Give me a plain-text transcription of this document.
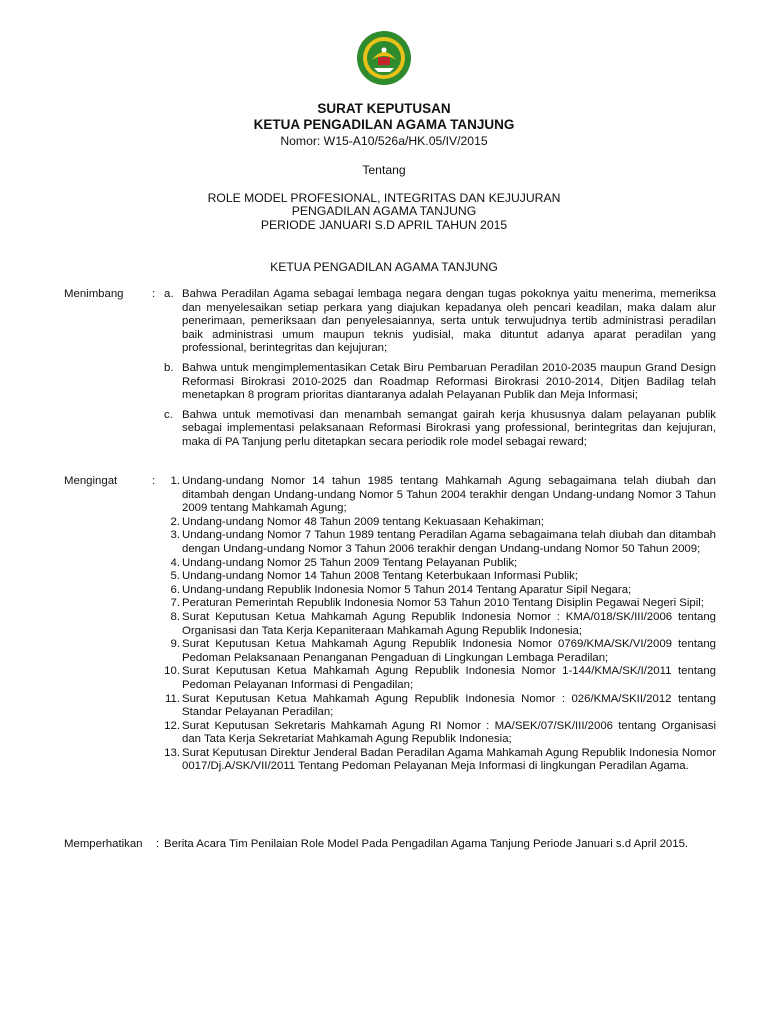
SURAT KEPUTUSAN
KETUA PENGADILAN AGAMA TANJUNG
Nomor: W15-A10/526a/HK.05/IV/2015
Tentang
ROLE MODEL PROFESIONAL, INTEGRITAS DAN KEJUJURAN
PENGADILAN AGAMA TANJUNG
PERIODE JANUARI S.D APRIL TAHUN 2015
KETUA PENGADILAN AGAMA TANJUNG
Menimbang	: a. Bahwa Peradilan Agama sebagai lembaga negara dengan tugas pokoknya yaitu menerima, memeriksa dan menyelesaikan setiap perkara yang diajukan kepadanya oleh pencari keadilan, maka dalam alur penerimaan, pemeriksaan dan penyelesaiannya, serta untuk terwujudnya tertib administrasi peradilan baik administrasi umum maupun teknis yudisial, maka dituntut adanya aparat peradilan yang professional, berintegritas dan kejujuran;
b. Bahwa untuk mengimplementasikan Cetak Biru Pembaruan Peradilan 2010-2035 maupun Grand Design Reformasi Birokrasi 2010-2025 dan Roadmap Reformasi Birokrasi 2010-2014, Ditjen Badilag telah menetapkan 8 program prioritas diantaranya adalah Pelayanan Publik dan Meja Informasi;
c. Bahwa untuk memotivasi dan menambah semangat gairah kerja khususnya dalam pelayanan publik sebagai implementasi pelaksanaan Reformasi Birokrasi yang professional, berintegritas dan kejujuran, maka di PA Tanjung perlu ditetapkan secara periodik role model sebagai reward;
Mengingat	:	1. Undang-undang Nomor 14 tahun 1985 tentang Mahkamah Agung sebagaimana telah diubah dan ditambah dengan Undang-undang Nomor 5 Tahun 2004 terakhir dengan Undang-undang Nomor 3 Tahun 2009 tentang Mahkamah Agung;
2. Undang-undang Nomor 48 Tahun 2009 tentang Kekuasaan Kehakiman;
3. Undang-undang Nomor 7 Tahun 1989 tentang Peradilan Agama sebagaimana telah diubah dan ditambah dengan Undang-undang Nomor 3 Tahun 2006 terakhir dengan Undang-undang Nomor 50 Tahun 2009;
4. Undang-undang Nomor 25 Tahun 2009 Tentang Pelayanan Publik;
5. Undang-undang Nomor 14 Tahun 2008 Tentang Keterbukaan Informasi Publik;
6. Undang-undang Republik Indonesia Nomor 5 Tahun 2014 Tentang Aparatur Sipil Negara;
7. Peraturan Pemerintah Republik Indonesia Nomor 53 Tahun 2010 Tentang Disiplin Pegawai Negeri Sipil;
8. Surat Keputusan Ketua Mahkamah Agung Republik Indonesia Nomor : KMA/018/SK/III/2006 tentang Organisasi dan Tata Kerja Kepaniteraan Mahkamah Agung Republik Indonesia;
9. Surat Keputusan Ketua Mahkamah Agung Republik Indonesia Nomor 0769/KMA/SK/VI/2009 tentang Pedoman Pelaksanaan Penanganan Pengaduan di Lingkungan Lembaga Peradilan;
10. Surat Keputusan Ketua Mahkamah Agung Republik Indonesia Nomor 1-144/KMA/SK/I/2011 tentang Pedoman Pelayanan Informasi di Pengadilan;
11. Surat Keputusan Ketua Mahkamah Agung Republik Indonesia Nomor : 026/KMA/SKII/2012 tentang Standar Pelayanan Peradilan;
12. Surat Keputusan Sekretaris Mahkamah Agung RI Nomor : MA/SEK/07/SK/III/2006 tentang Organisasi dan Tata Kerja Sekretariat Mahkamah Agung Republik Indonesia;
13. Surat Keputusan Direktur Jenderal Badan Peradilan Agama Mahkamah Agung Republik Indonesia Nomor 0017/Dj.A/SK/VII/2011 Tentang Pedoman Pelayanan Meja Informasi di lingkungan Peradilan Agama.
Memperhatikan	: Berita Acara Tim Penilaian Role Model Pada Pengadilan Agama Tanjung Periode Januari s.d April 2015.
